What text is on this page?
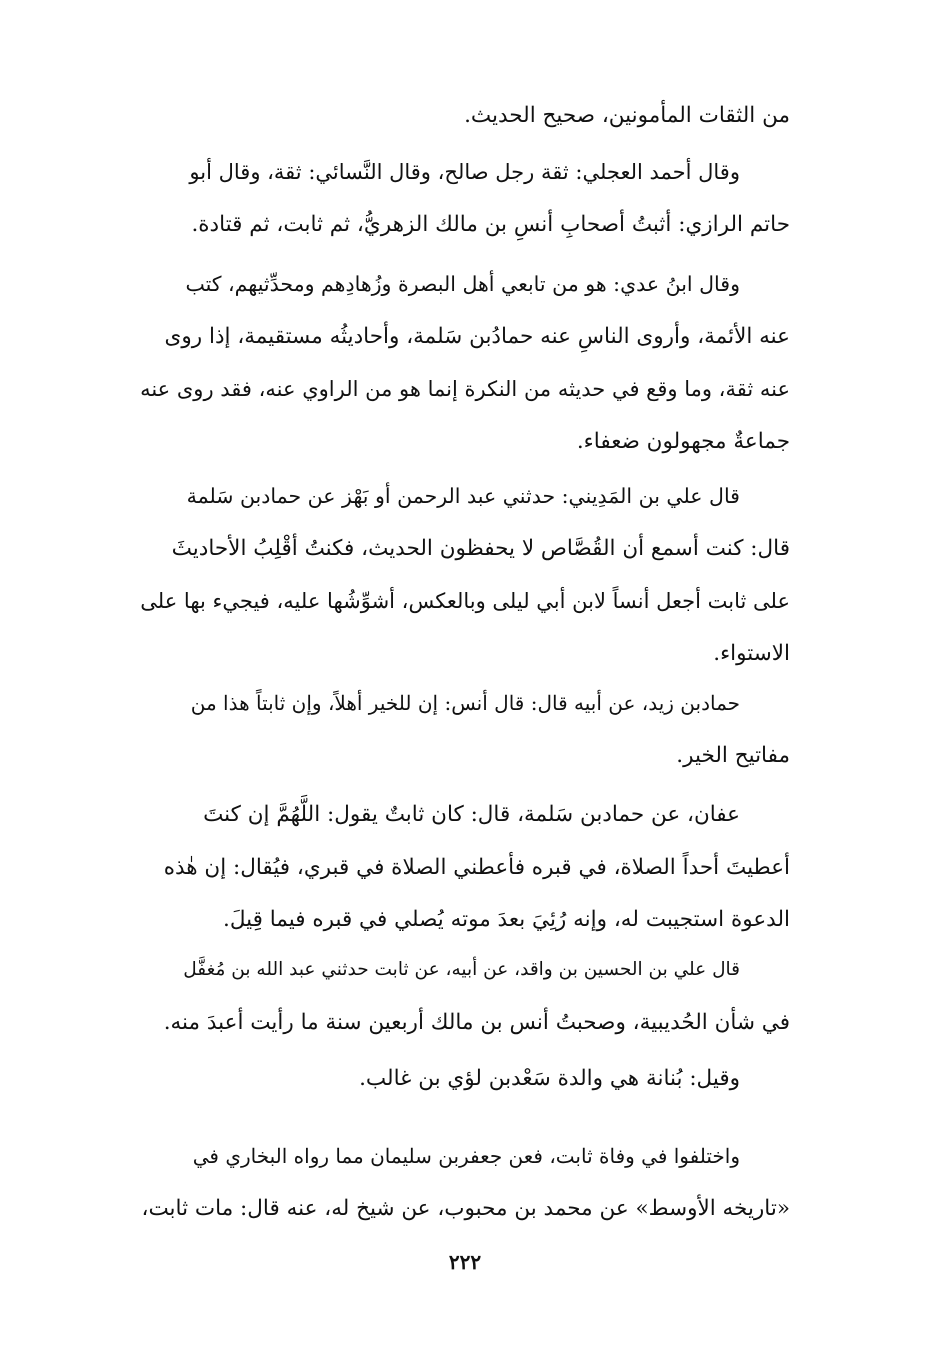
من الثقات المأمونين، صحيح الحديث.
وقال أحمد العجلي: ثقة رجل صالح، وقال النَّسائي: ثقة، وقال أبو
حاتم الرازي: أثبتُ أصحابِ أنسِ بن مالك الزهريُّ، ثم ثابت، ثم قتادة.
وقال ابنُ عدي: هو من تابعي أهل البصرة وزُهادِهم ومحدِّثيهم، كتب
عنه الأئمة، وأروى الناسِ عنه حمادُبن سَلمة، وأحاديثُه مستقيمة، إذا روى
عنه ثقة، وما وقع في حديثه من النكرة إنما هو من الراوي عنه، فقد روى عنه
جماعةٌ مجهولون ضعفاء.
قال علي بن المَدِيني: حدثني عبد الرحمن أو بَهْز عن حمادبن سَلمة
قال: كنت أسمع أن القُصَّاص لا يحفظون الحديث، فكنتُ أقْلِبُ الأحاديثَ
على ثابت أجعل أنساً لابن أبي ليلى وبالعكس، أشوِّشُها عليه، فيجيء بها على
الاستواء.
حمادبن زيد، عن أبيه قال: قال أنس: إن للخير أهلاً، وإن ثابتاً هذا من
مفاتيح الخير.
عفان، عن حمادبن سَلمة، قال: كان ثابتٌ يقول: اللَّهُمَّ إن كنتَ
أعطيتَ أحداً الصلاة، في قبره فأعطني الصلاة في قبري، فيُقال: إن هٰذه
الدعوة استجيبت له، وإنه رُئِيَ بعدَ موته يُصلي في قبره فيما قِيلَ.
قال علي بن الحسين بن واقد، عن أبيه، عن ثابت حدثني عبد الله بن مُغفَّل
في شأن الحُديبية، وصحبتُ أنس بن مالك أربعين سنة ما رأيت أعبدَ منه.
وقيل: بُنانة هي والدة سَعْدبن لؤي بن غالب.
واختلفوا في وفاة ثابت، فعن جعفربن سليمان مما رواه البخاري في
«تاريخه الأوسط» عن محمد بن محبوب، عن شيخ له، عنه قال: مات ثابت،
٢٢٢
